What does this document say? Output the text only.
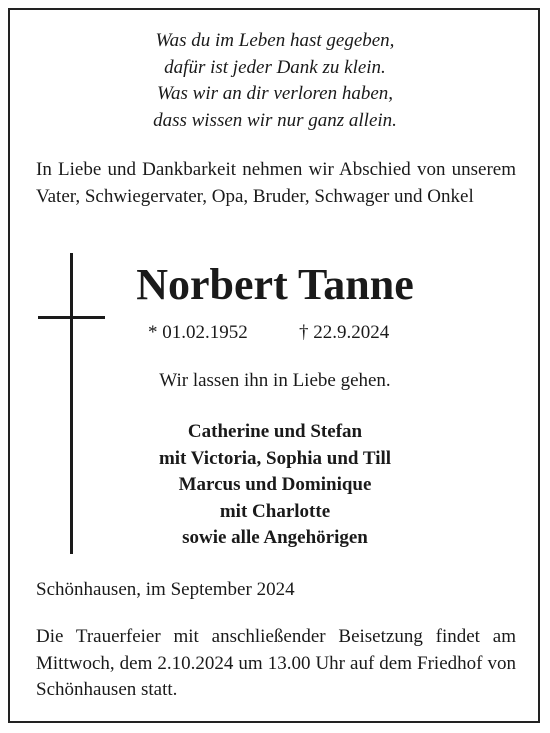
Was du im Leben hast gegeben,
dafür ist jeder Dank zu klein.
Was wir an dir verloren haben,
dass wissen wir nur ganz allein.
In Liebe und Dankbarkeit nehmen wir Abschied von unserem Vater, Schwiegervater, Opa, Bruder, Schwager und Onkel
Norbert Tanne
* 01.02.1952	† 22.9.2024
Wir lassen ihn in Liebe gehen.
Catherine und Stefan
mit Victoria, Sophia und Till
Marcus und Dominique
mit Charlotte
sowie alle Angehörigen
Schönhausen, im September 2024
Die Trauerfeier mit anschließender Beisetzung findet am Mittwoch, dem 2.10.2024 um 13.00 Uhr auf dem Friedhof von Schönhausen statt.
